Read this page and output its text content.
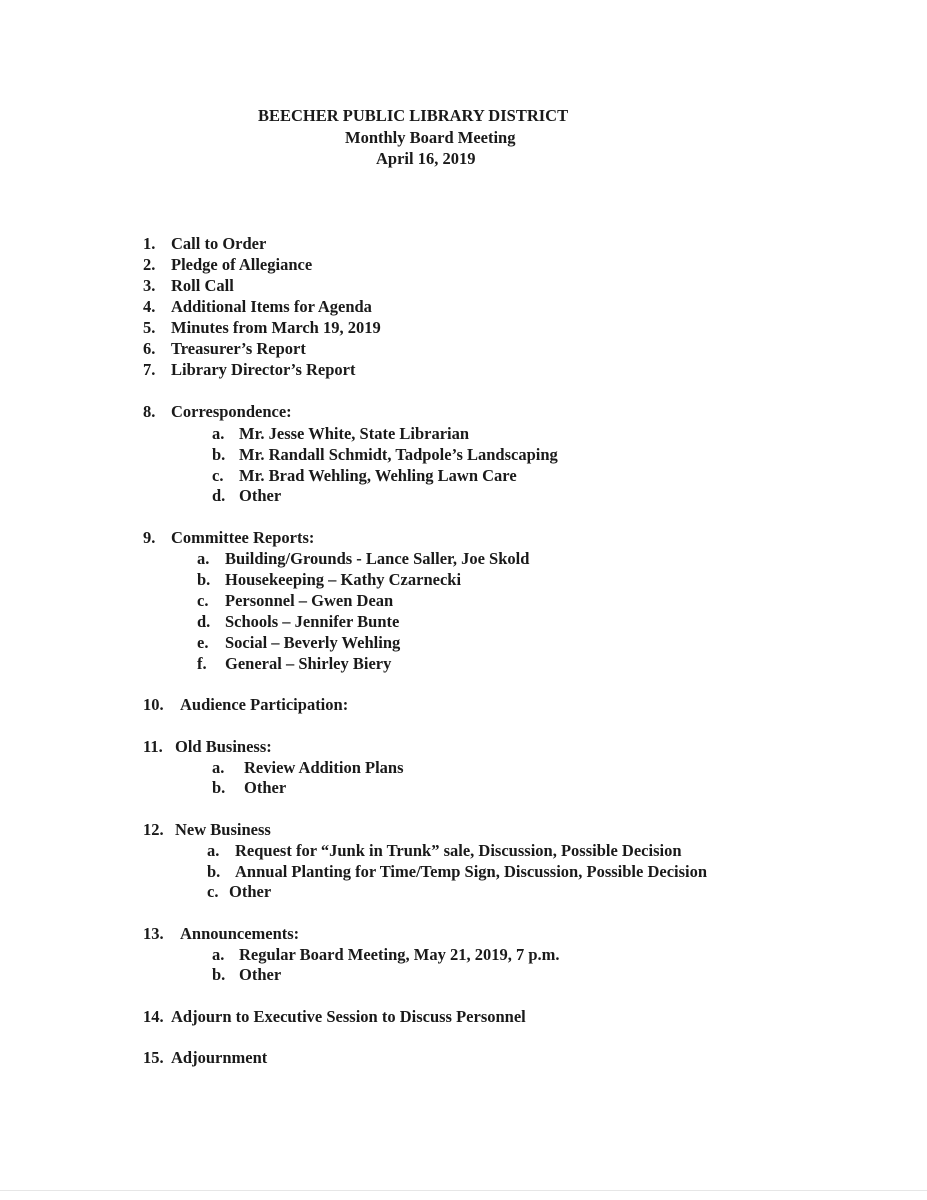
BEECHER PUBLIC LIBRARY DISTRICT
Monthly Board Meeting
April 16, 2019
1. Call to Order
2. Pledge of Allegiance
3. Roll Call
4. Additional Items for Agenda
5. Minutes from March 19, 2019
6. Treasurer’s Report
7. Library Director’s Report
8. Correspondence:
a. Mr. Jesse White, State Librarian
b. Mr. Randall Schmidt, Tadpole’s Landscaping
c. Mr. Brad Wehling, Wehling Lawn Care
d. Other
9. Committee Reports:
a. Building/Grounds - Lance Saller, Joe Skold
b. Housekeeping – Kathy Czarnecki
c. Personnel – Gwen Dean
d. Schools – Jennifer Bunte
e. Social – Beverly Wehling
f. General – Shirley Biery
10. Audience Participation:
11. Old Business:
a. Review Addition Plans
b. Other
12. New Business
a. Request for “Junk in Trunk” sale, Discussion, Possible Decision
b. Annual Planting for Time/Temp Sign, Discussion, Possible Decision
c. Other
13. Announcements:
a. Regular Board Meeting, May 21, 2019, 7 p.m.
b. Other
14. Adjourn to Executive Session to Discuss Personnel
15. Adjournment
